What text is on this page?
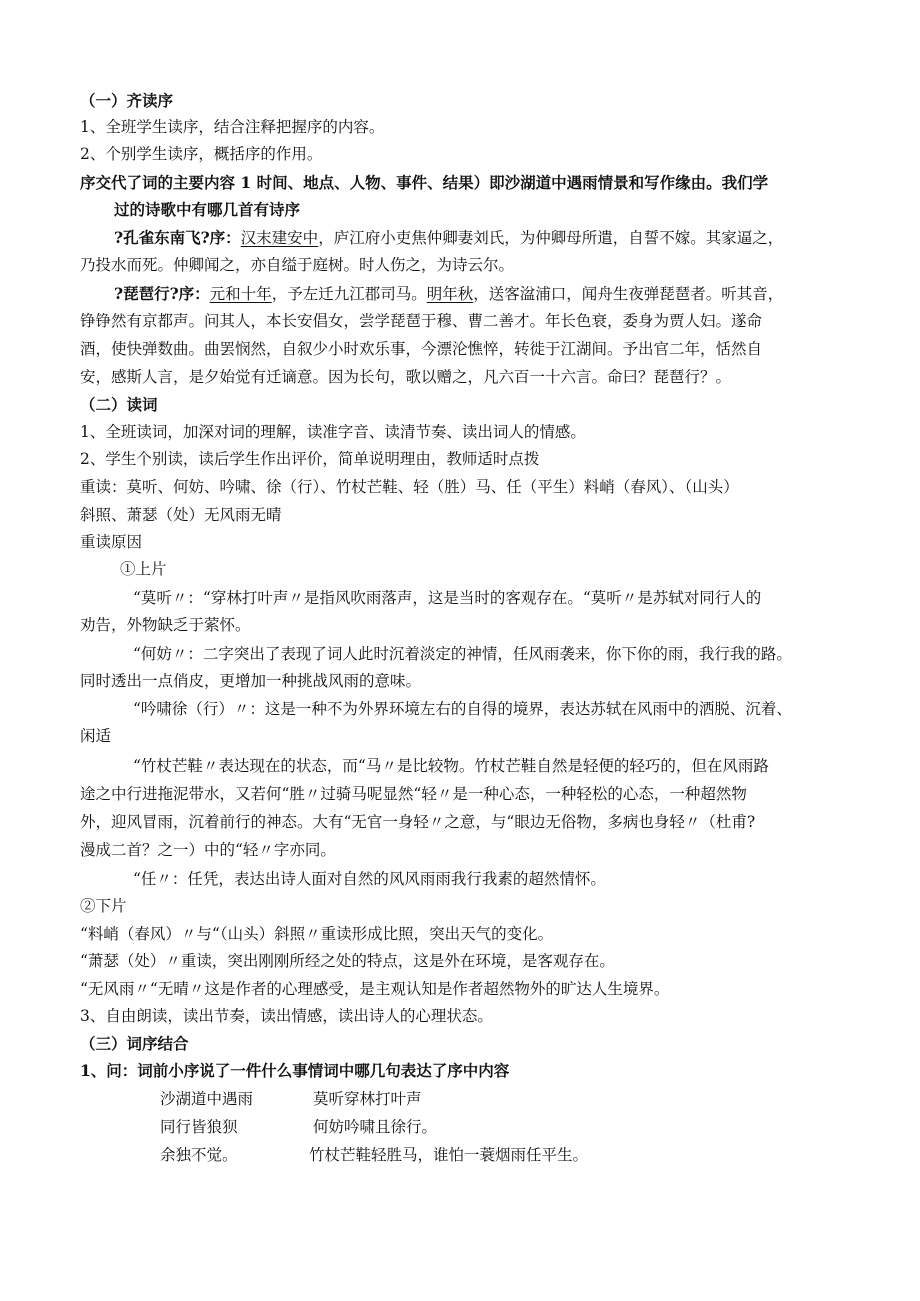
（一）齐读序
1、全班学生读序，结合注释把握序的内容。
2、个别学生读序，概括序的作用。
序交代了词的主要内容 1 时间、地点、人物、事件、结果）即沙湖道中遇雨情景和写作缘由。我们学
过的诗歌中有哪几首有诗序
?孔雀东南飞?序：汉末建安中，庐江府小吏焦仲卿妻刘氏，为仲卿母所遣，自誓不嫁。其家逼之，
乃投水而死。仲卿闻之，亦自缢于庭树。时人伤之，为诗云尔。
?琵琶行?序：元和十年，予左迁九江郡司马。明年秋，送客湓浦口，闻舟生夜弹琵琶者。听其音，
铮铮然有京都声。问其人，本长安倡女，尝学琵琶于穆、曹二善才。年长色衰，委身为贾人妇。遂命
酒，使快弹数曲。曲罢悯然，自叙少小时欢乐事，今漂沦憔悴，转徙于江湖间。予出官二年，恬然自
安，感斯人言，是夕始觉有迁谪意。因为长句，歌以赠之，凡六百一十六言。命曰？琵琶行？。
（二）读词
1、全班读词，加深对词的理解，读准字音、读清节奏、读出词人的情感。
2、学生个别读，读后学生作出评价，简单说明理由，教师适时点拨
重读：莫听、何妨、吟啸、徐（行）、竹杖芒鞋、轻（胜）马、任（平生）料峭（春风）、（山头）
斜照、萧瑟（处）无风雨无晴
重读原因
①上片
“莫听〃：“穿林打叶声〃是指风吹雨落声，这是当时的客观存在。“莫听〃是苏轼对同行人的
劝告，外物缺乏于萦怀。
“何妨〃：二字突出了表现了词人此时沉着淡定的神情，任风雨袭来，你下你的雨，我行我的路。
同时透出一点俏皮，更增加一种挑战风雨的意味。
“吟啸徐（行）〃：这是一种不为外界环境左右的自得的境界，表达苏轼在风雨中的洒脱、沉着、
闲适
“竹杖芒鞋〃表达现在的状态，而“马〃是比较物。竹杖芒鞋自然是轻便的轻巧的，但在风雨路
途之中行进拖泥带水，又若何“胜〃过骑马呢显然“轻〃是一种心态，一种轻松的心态，一种超然物
外，迎风冒雨，沉着前行的神态。大有“无官一身轻〃之意，与“眼边无俗物，多病也身轻〃（杜甫?
漫成二首？之一）中的“轻〃字亦同。
“任〃：任凭，表达出诗人面对自然的风风雨雨我行我素的超然情怀。
②下片
“料峭（春风）〃与“（山头）斜照〃重读形成比照，突出天气的变化。
“萧瑟（处）〃重读，突出刚刚所经之处的特点，这是外在环境，是客观存在。
“无风雨〃“无晴〃这是作者的心理感受，是主观认知是作者超然物外的旷达人生境界。
3、自由朗读，读出节奏，读出情感，读出诗人的心理状态。
（三）词序结合
1、问：词前小序说了一件什么事情词中哪几句表达了序中内容
沙湖道中遇雨	莫听穿林打叶声
同行皆狼狈	何妨吟啸且徐行。
余独不觉。	竹杖芒鞋轻胜马，谁怕一蓑烟雨任平生。
